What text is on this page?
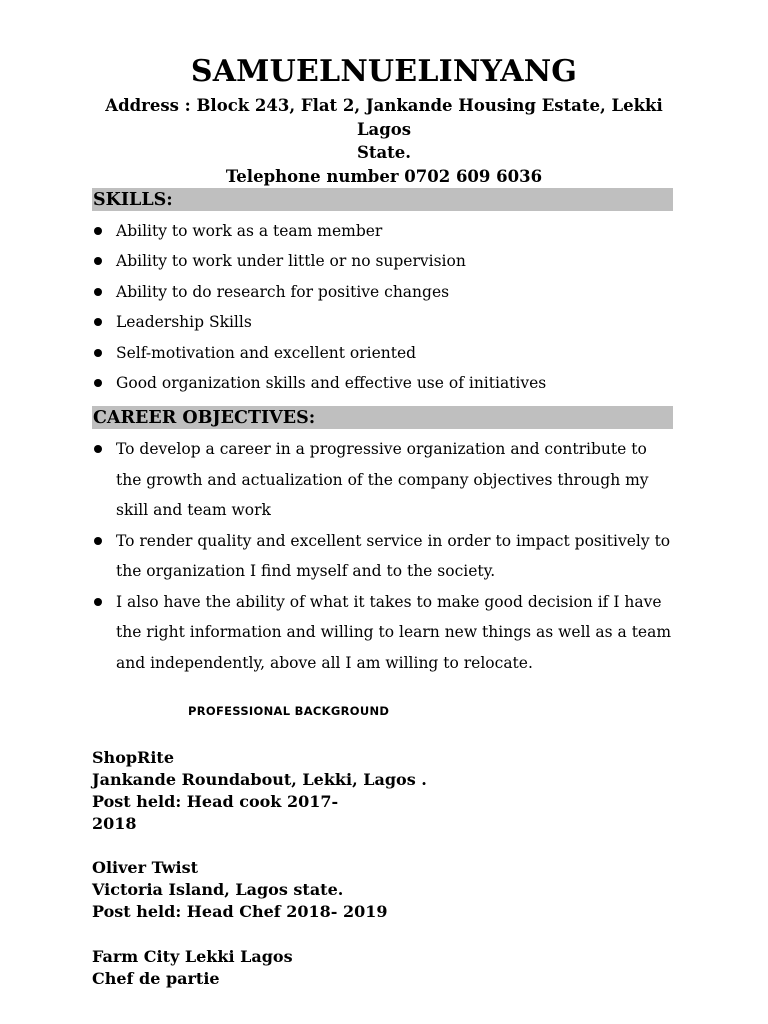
SAMUELNUELINYANG
Address : Block 243, Flat 2, Jankande Housing Estate, Lekki Lagos
State.
Telephone number 0702 609 6036
SKILLS:
Ability to work as a team member
Ability to work under little or no supervision
Ability to do research for positive changes
Leadership Skills
Self-motivation and excellent oriented
Good organization skills and effective use of initiatives
CAREER OBJECTIVES:
To develop a career in a progressive organization and contribute to the growth and actualization of the company objectives through my skill and team work
To render quality and excellent service in order to impact positively to the organization I find myself and to the society.
I also have the ability of what it takes to make good decision if I have the right information and willing to learn new things as well as a team and independently, above all I am willing to relocate.
PROFESSIONAL BACKGROUND
ShopRite
Jankande Roundabout, Lekki, Lagos .
Post held: Head cook 2017-
2018
Oliver Twist
Victoria Island, Lagos state.
Post held: Head Chef 2018- 2019
Farm City Lekki Lagos
Chef de partie
